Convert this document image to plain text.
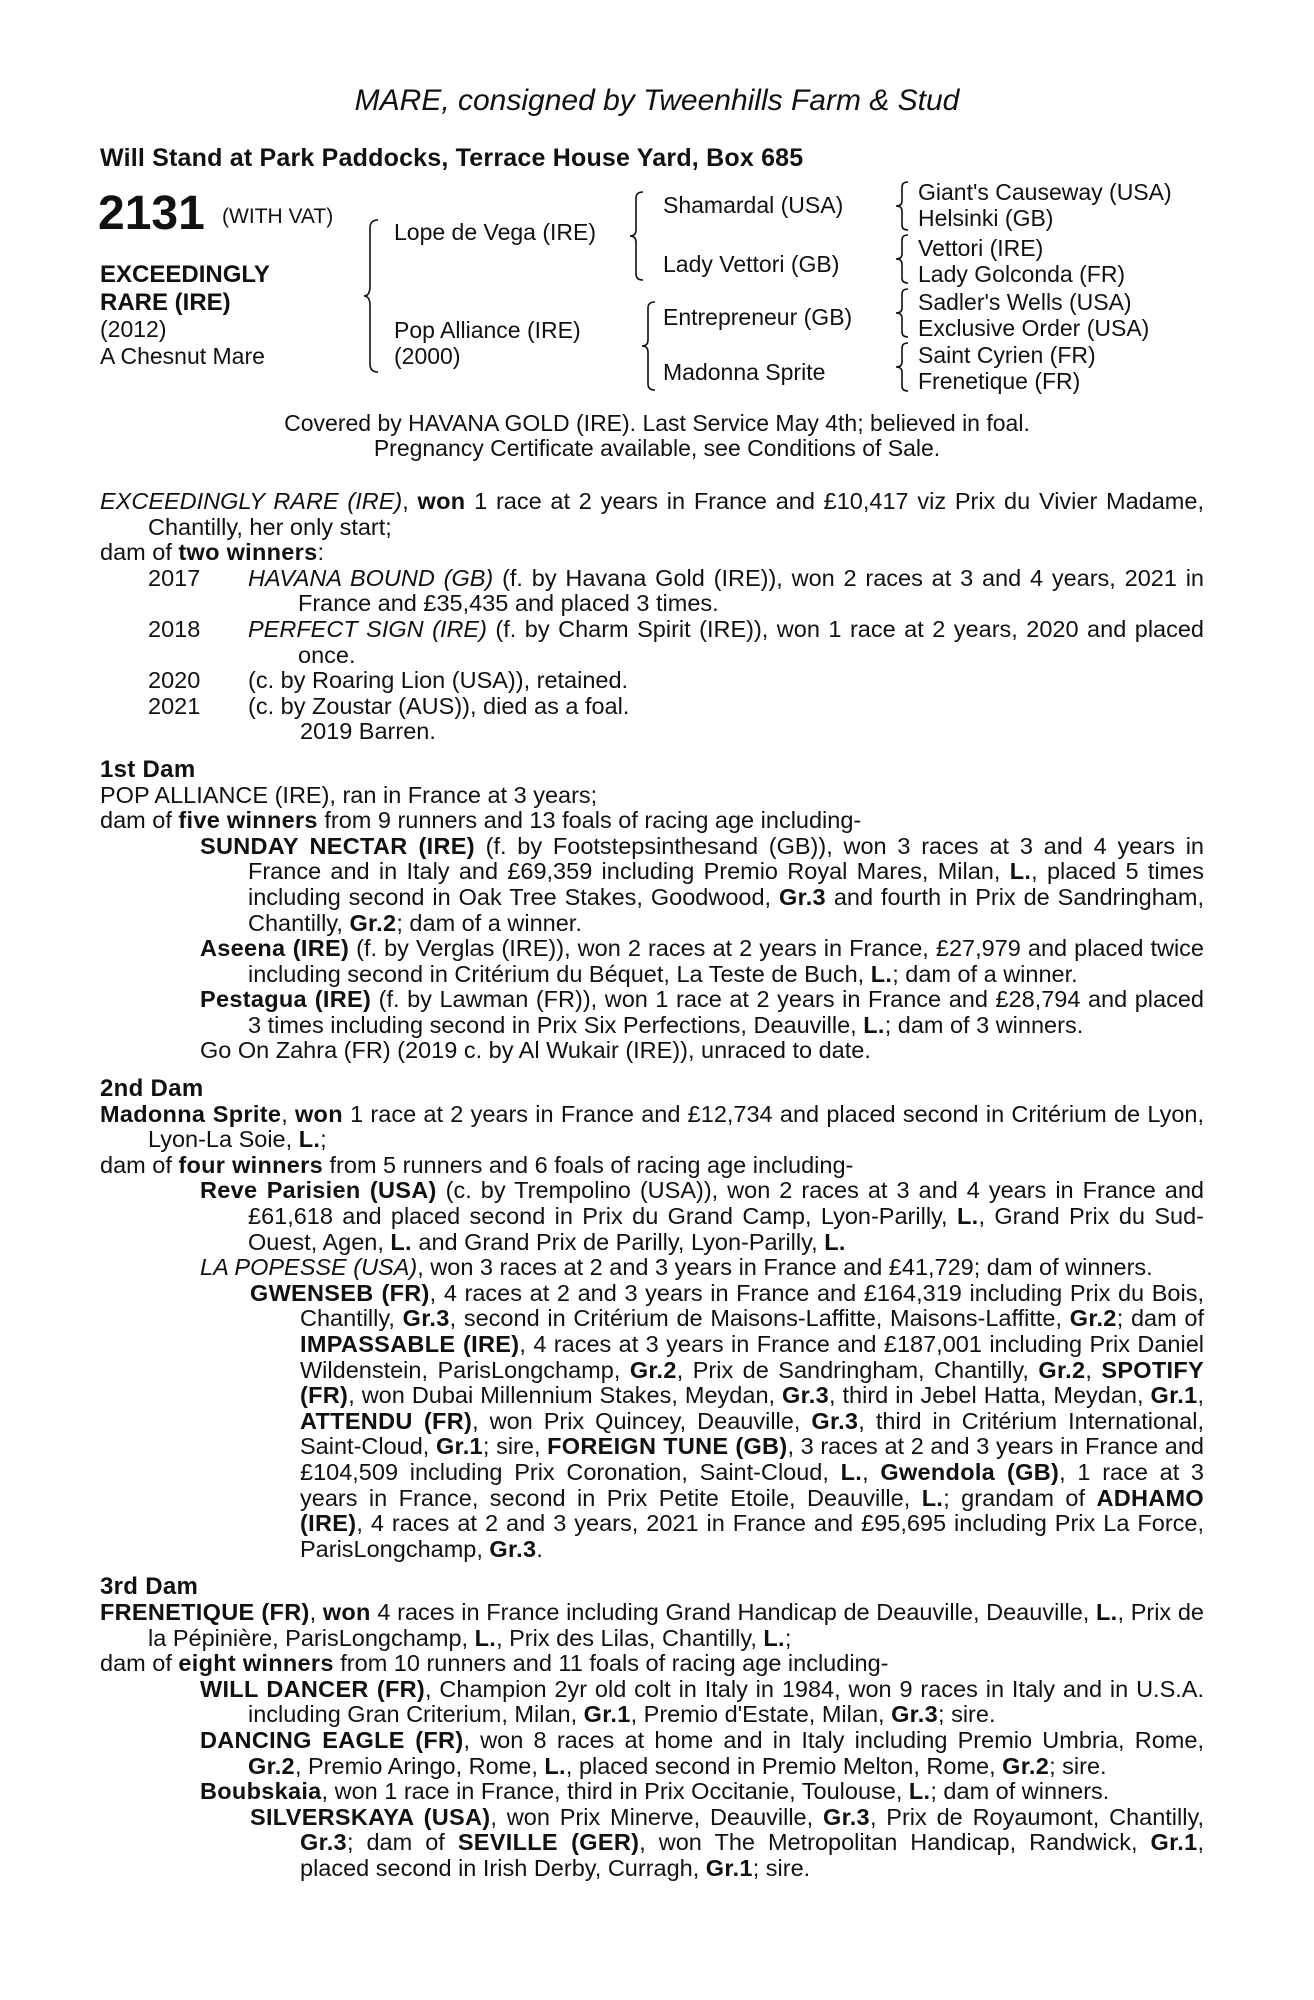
MARE, consigned by Tweenhills Farm & Stud
Will Stand at Park Paddocks, Terrace House Yard, Box 685
2131 (WITH VAT)
EXCEEDINGLY
RARE (IRE)
(2012)
A Chesnut Mare
Lope de Vega (IRE)
Pop Alliance (IRE)
(2000)
Shamardal (USA)
Lady Vettori (GB)
Entrepreneur (GB)
Madonna Sprite
Giant's Causeway (USA)
Helsinki (GB)
Vettori (IRE)
Lady Golconda (FR)
Sadler's Wells (USA)
Exclusive Order (USA)
Saint Cyrien (FR)
Frenetique (FR)
Covered by HAVANA GOLD (IRE). Last Service May 4th; believed in foal.
Pregnancy Certificate available, see Conditions of Sale.
EXCEEDINGLY RARE (IRE), won 1 race at 2 years in France and £10,417 viz Prix du Vivier Madame, Chantilly, her only start;
dam of two winners:
2017	HAVANA BOUND (GB) (f. by Havana Gold (IRE)), won 2 races at 3 and 4 years, 2021 in France and £35,435 and placed 3 times.
2018	PERFECT SIGN (IRE) (f. by Charm Spirit (IRE)), won 1 race at 2 years, 2020 and placed once.
2020	(c. by Roaring Lion (USA)), retained.
2021	(c. by Zoustar (AUS)), died as a foal.
2019 Barren.
1st Dam
POP ALLIANCE (IRE), ran in France at 3 years;
dam of five winners from 9 runners and 13 foals of racing age including-
SUNDAY NECTAR (IRE) (f. by Footstepsinthesand (GB)), won 3 races at 3 and 4 years in France and in Italy and £69,359 including Premio Royal Mares, Milan, L., placed 5 times including second in Oak Tree Stakes, Goodwood, Gr.3 and fourth in Prix de Sandringham, Chantilly, Gr.2; dam of a winner.
Aseena (IRE) (f. by Verglas (IRE)), won 2 races at 2 years in France, £27,979 and placed twice including second in Critérium du Béquet, La Teste de Buch, L.; dam of a winner.
Pestagua (IRE) (f. by Lawman (FR)), won 1 race at 2 years in France and £28,794 and placed 3 times including second in Prix Six Perfections, Deauville, L.; dam of 3 winners.
Go On Zahra (FR) (2019 c. by Al Wukair (IRE)), unraced to date.
2nd Dam
Madonna Sprite, won 1 race at 2 years in France and £12,734 and placed second in Critérium de Lyon, Lyon-La Soie, L.;
dam of four winners from 5 runners and 6 foals of racing age including-
Reve Parisien (USA) (c. by Trempolino (USA)), won 2 races at 3 and 4 years in France and £61,618 and placed second in Prix du Grand Camp, Lyon-Parilly, L., Grand Prix du Sud-Ouest, Agen, L. and Grand Prix de Parilly, Lyon-Parilly, L.
LA POPESSE (USA), won 3 races at 2 and 3 years in France and £41,729; dam of winners.
GWENSEB (FR), 4 races at 2 and 3 years in France and £164,319 including Prix du Bois, Chantilly, Gr.3, second in Critérium de Maisons-Laffitte, Maisons-Laffitte, Gr.2; dam of IMPASSABLE (IRE), 4 races at 3 years in France and £187,001 including Prix Daniel Wildenstein, ParisLongchamp, Gr.2, Prix de Sandringham, Chantilly, Gr.2, SPOTIFY (FR), won Dubai Millennium Stakes, Meydan, Gr.3, third in Jebel Hatta, Meydan, Gr.1, ATTENDU (FR), won Prix Quincey, Deauville, Gr.3, third in Critérium International, Saint-Cloud, Gr.1; sire, FOREIGN TUNE (GB), 3 races at 2 and 3 years in France and £104,509 including Prix Coronation, Saint-Cloud, L., Gwendola (GB), 1 race at 3 years in France, second in Prix Petite Etoile, Deauville, L.; grandam of ADHAMO (IRE), 4 races at 2 and 3 years, 2021 in France and £95,695 including Prix La Force, ParisLongchamp, Gr.3.
3rd Dam
FRENETIQUE (FR), won 4 races in France including Grand Handicap de Deauville, Deauville, L., Prix de la Pépinière, ParisLongchamp, L., Prix des Lilas, Chantilly, L.;
dam of eight winners from 10 runners and 11 foals of racing age including-
WILL DANCER (FR), Champion 2yr old colt in Italy in 1984, won 9 races in Italy and in U.S.A. including Gran Criterium, Milan, Gr.1, Premio d'Estate, Milan, Gr.3; sire.
DANCING EAGLE (FR), won 8 races at home and in Italy including Premio Umbria, Rome, Gr.2, Premio Aringo, Rome, L., placed second in Premio Melton, Rome, Gr.2; sire.
Boubskaia, won 1 race in France, third in Prix Occitanie, Toulouse, L.; dam of winners.
SILVERSKAYA (USA), won Prix Minerve, Deauville, Gr.3, Prix de Royaumont, Chantilly, Gr.3; dam of SEVILLE (GER), won The Metropolitan Handicap, Randwick, Gr.1, placed second in Irish Derby, Curragh, Gr.1; sire.
